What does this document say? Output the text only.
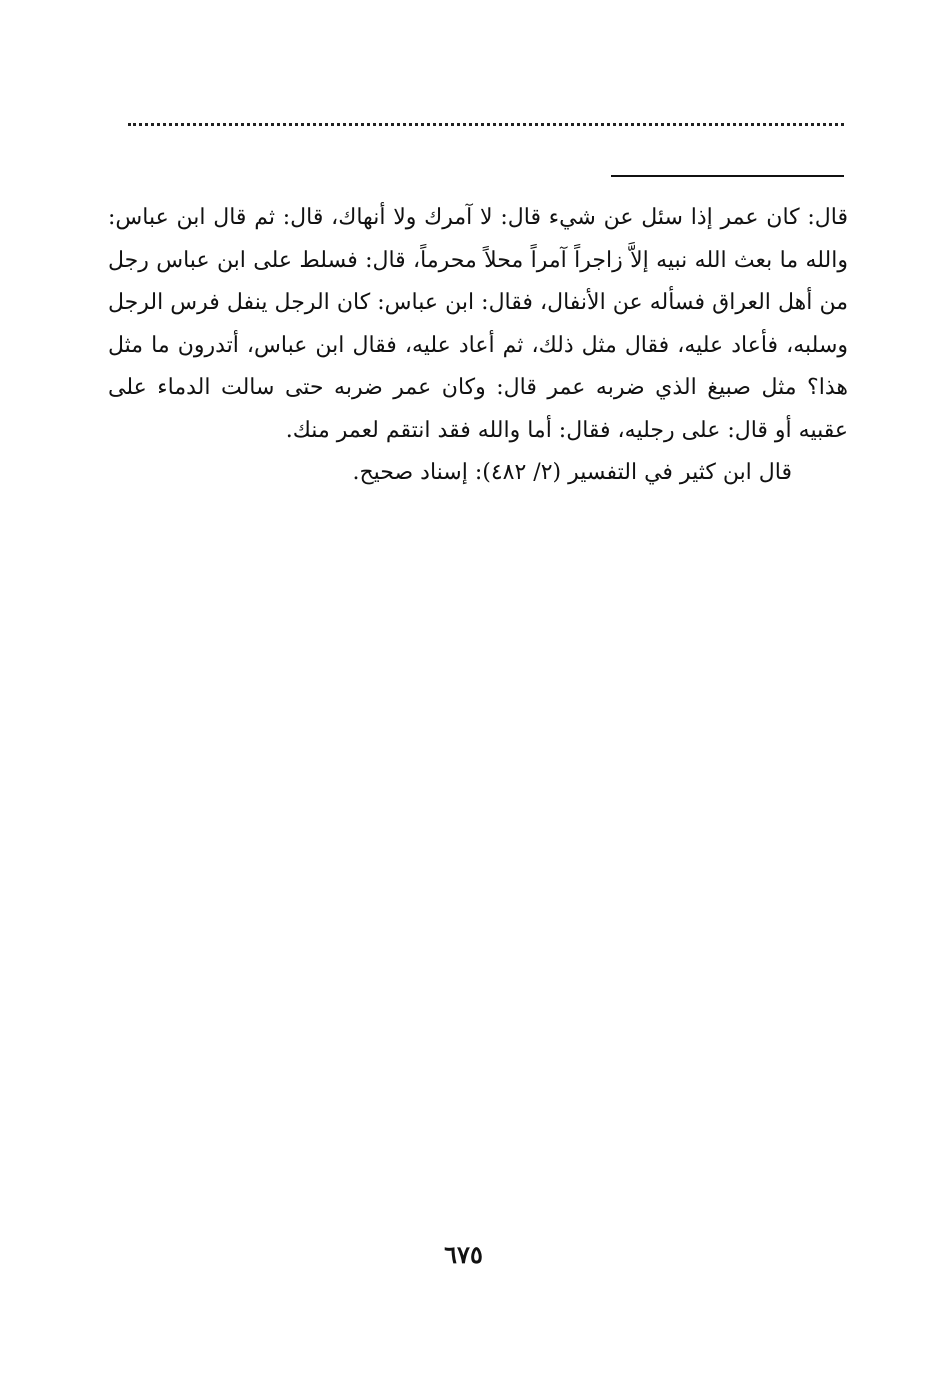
قال: كان عمر إذا سئل عن شيء قال: لا آمرك ولا أنهاك، قال: ثم قال ابن عباس: والله ما بعث الله نبيه إلاَّ زاجراً آمراً محلاً محرماً، قال: فسلط على ابن عباس رجل من أهل العراق فسأله عن الأنفال، فقال: ابن عباس: كان الرجل ينفل فرس الرجل وسلبه، فأعاد عليه، فقال مثل ذلك، ثم أعاد عليه، فقال ابن عباس، أتدرون ما مثل هذا؟ مثل صبيغ الذي ضربه عمر قال: وكان عمر ضربه حتى سالت الدماء على عقبيه أو قال: على رجليه، فقال: أما والله فقد انتقم لعمر منك.

قال ابن كثير في التفسير (٢/ ٤٨٢): إسناد صحيح.

٦٧٥
